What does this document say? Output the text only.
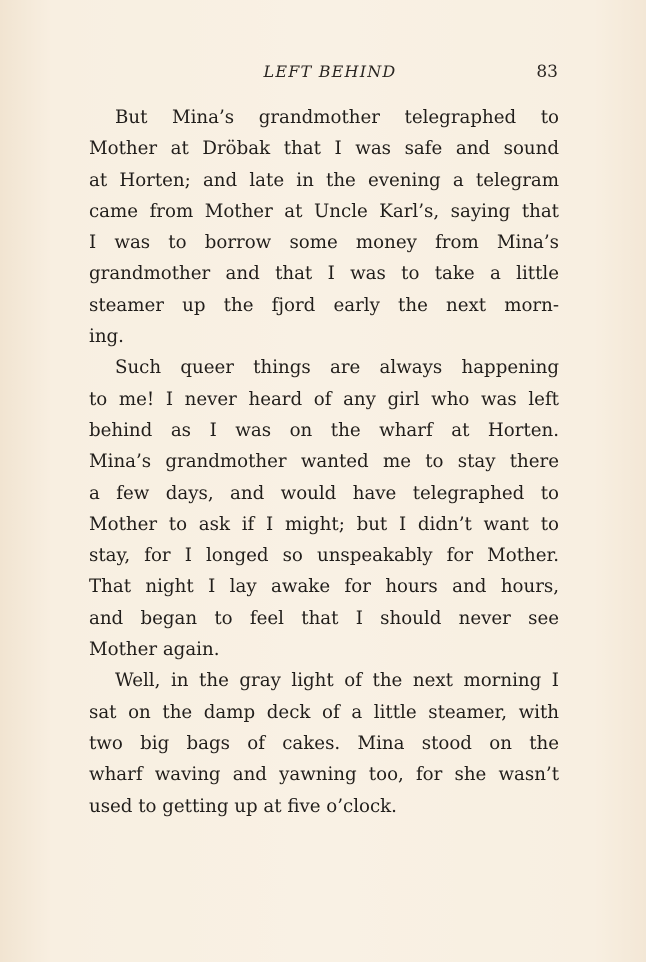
LEFT BEHIND	83
But Mina’s grandmother telegraphed to
Mother at Dröbak that I was safe and sound
at Horten; and late in the evening a telegram
came from Mother at Uncle Karl’s, saying that
I was to borrow some money from Mina’s
grandmother and that I was to take a little
steamer up the fjord early the next morn-
ing.
Such queer things are always happening
to me! I never heard of any girl who was left
behind as I was on the wharf at Horten.
Mina’s grandmother wanted me to stay there
a few days, and would have telegraphed to
Mother to ask if I might; but I didn’t want to
stay, for I longed so unspeakably for Mother.
That night I lay awake for hours and hours,
and began to feel that I should never see
Mother again.
Well, in the gray light of the next morning I
sat on the damp deck of a little steamer, with
two big bags of cakes. Mina stood on the
wharf waving and yawning too, for she wasn’t
used to getting up at five o’clock.
